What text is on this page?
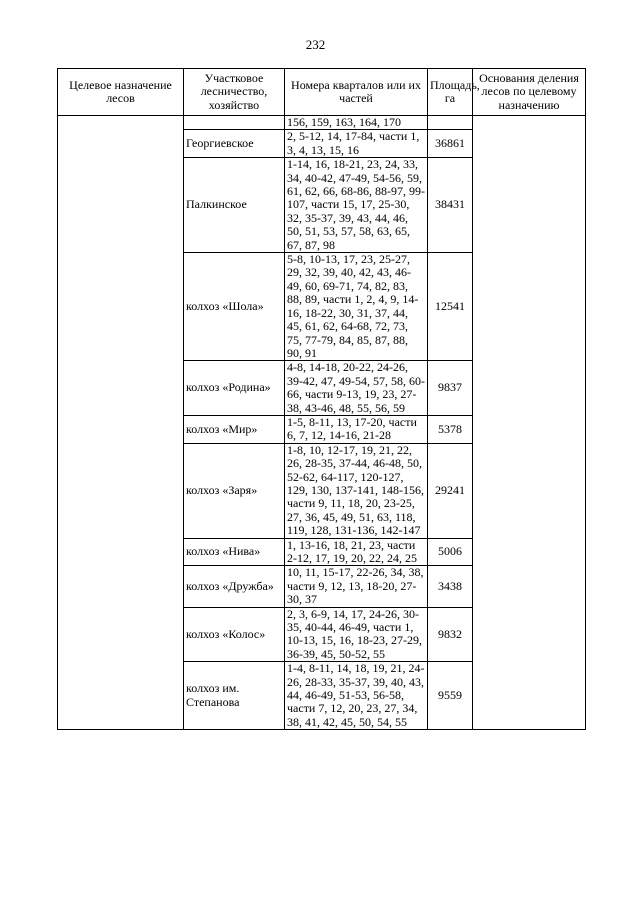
232
Целевое назначение лесов	Участковое лесничество, хозяйство	Номера кварталов или их частей	Площадь, га	Основания деления лесов по целевому назначению
		156, 159, 163, 164, 170		
	Георгиевское	2, 5-12, 14, 17-84, части 1, 3, 4, 13, 15, 16	36861	
	Палкинское	1-14, 16, 18-21, 23, 24, 33, 34, 40-42, 47-49, 54-56, 59, 61, 62, 66, 68-86, 88-97, 99-107, части 15, 17, 25-30, 32, 35-37, 39, 43, 44, 46, 50, 51, 53, 57, 58, 63, 65, 67, 87, 98	38431	
	колхоз «Шола»	5-8, 10-13, 17, 23, 25-27, 29, 32, 39, 40, 42, 43, 46-49, 60, 69-71, 74, 82, 83, 88, 89, части 1, 2, 4, 9, 14-16, 18-22, 30, 31, 37, 44, 45, 61, 62, 64-68, 72, 73, 75, 77-79, 84, 85, 87, 88, 90, 91	12541	
	колхоз «Родина»	4-8, 14-18, 20-22, 24-26, 39-42, 47, 49-54, 57, 58, 60-66, части 9-13, 19, 23, 27-38, 43-46, 48, 55, 56, 59	9837	
	колхоз «Мир»	1-5, 8-11, 13, 17-20, части 6, 7, 12, 14-16, 21-28	5378	
	колхоз «Заря»	1-8, 10, 12-17, 19, 21, 22, 26, 28-35, 37-44, 46-48, 50, 52-62, 64-117, 120-127, 129, 130, 137-141, 148-156, части 9, 11, 18, 20, 23-25, 27, 36, 45, 49, 51, 63, 118, 119, 128, 131-136, 142-147	29241	
	колхоз «Нива»	1, 13-16, 18, 21, 23, части 2-12, 17, 19, 20, 22, 24, 25	5006	
	колхоз «Дружба»	10, 11, 15-17, 22-26, 34, 38, части 9, 12, 13, 18-20, 27-30, 37	3438	
	колхоз «Колос»	2, 3, 6-9, 14, 17, 24-26, 30-35, 40-44, 46-49, части 1, 10-13, 15, 16, 18-23, 27-29, 36-39, 45, 50-52, 55	9832	
	колхоз им. Степанова	1-4, 8-11, 14, 18, 19, 21, 24-26, 28-33, 35-37, 39, 40, 43, 44, 46-49, 51-53, 56-58, части 7, 12, 20, 23, 27, 34, 38, 41, 42, 45, 50, 54, 55	9559	
